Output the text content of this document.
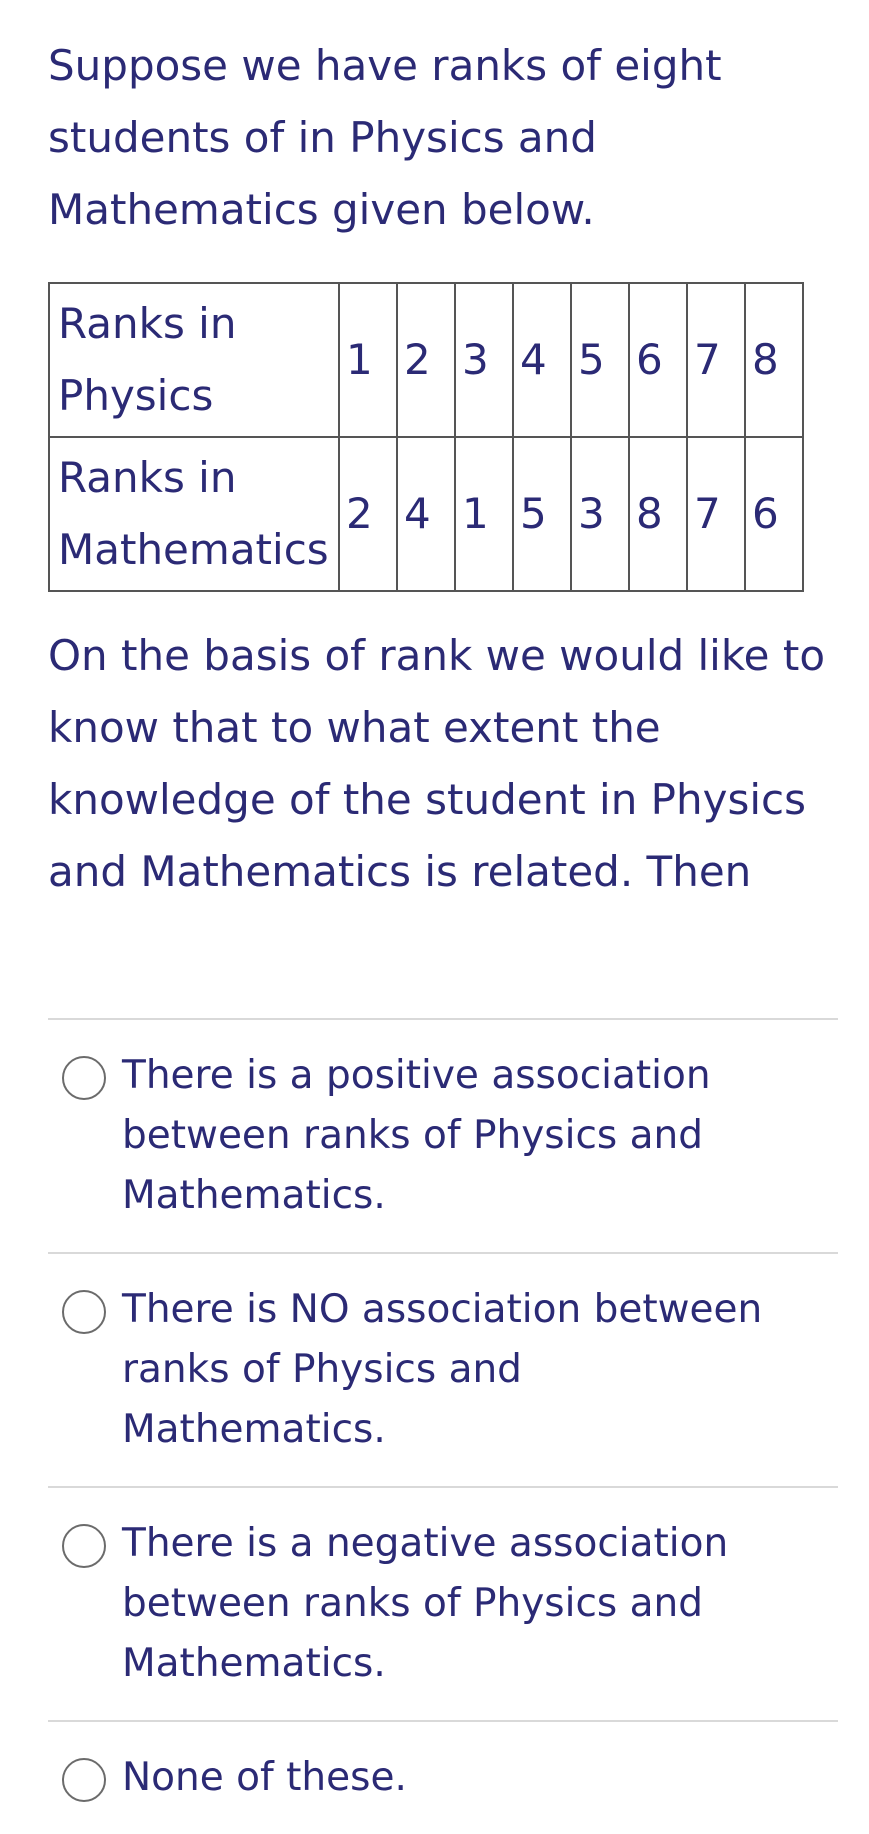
Suppose we have ranks of eight students of in Physics and Mathematics given below.

Ranks in Physics	1	2	3	4	5	6	7	8
Ranks in Mathematics	2	4	1	5	3	8	7	6

On the basis of rank we would like to know that to what extent the knowledge of the student in Physics and Mathematics is related. Then

There is a positive association between ranks of Physics and Mathematics.
There is NO association between ranks of Physics and Mathematics.
There is a negative association between ranks of Physics and Mathematics.
None of these.
